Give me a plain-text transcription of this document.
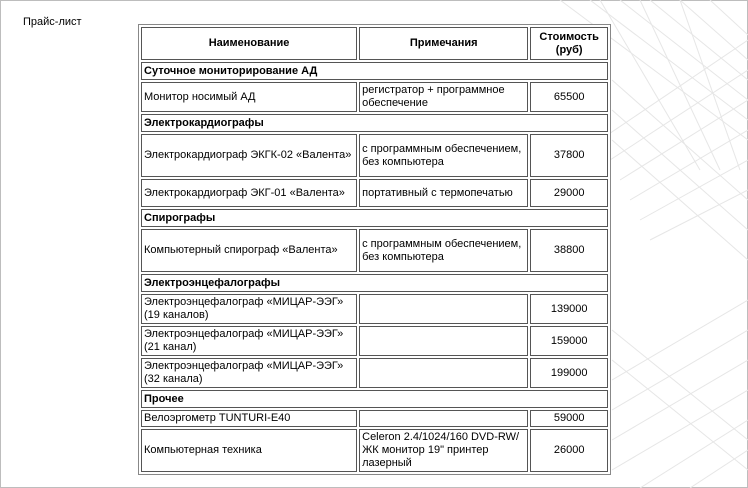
Прайс-лист
Наименование	Примечания	Стоимость (руб)
Суточное мониторирование АД		
Монитор носимый АД	регистратор + программное обеспечение	65500
Электрокардиографы		
Электрокардиограф ЭКГК-02 «Валента»	с программным обеспечением, без компьютера	37800
Электрокардиограф ЭКГ-01 «Валента»	портативный с термопечатью	29000
Спирографы		
Компьютерный спирограф «Валента»	с программным обеспечением, без компьютера	38800
Электроэнцефалографы		
Электроэнцефалограф «МИЦАР-ЭЭГ» (19 каналов)		139000
Электроэнцефалограф «МИЦАР-ЭЭГ» (21 канал)		159000
Электроэнцефалограф «МИЦАР-ЭЭГ» (32 канала)		199000
Прочее		
Велоэргометр TUNTURI-E40		59000
Компьютерная техника	Celeron 2.4/1024/160 DVD-RW/ЖК монитор 19" принтер лазерный	26000
